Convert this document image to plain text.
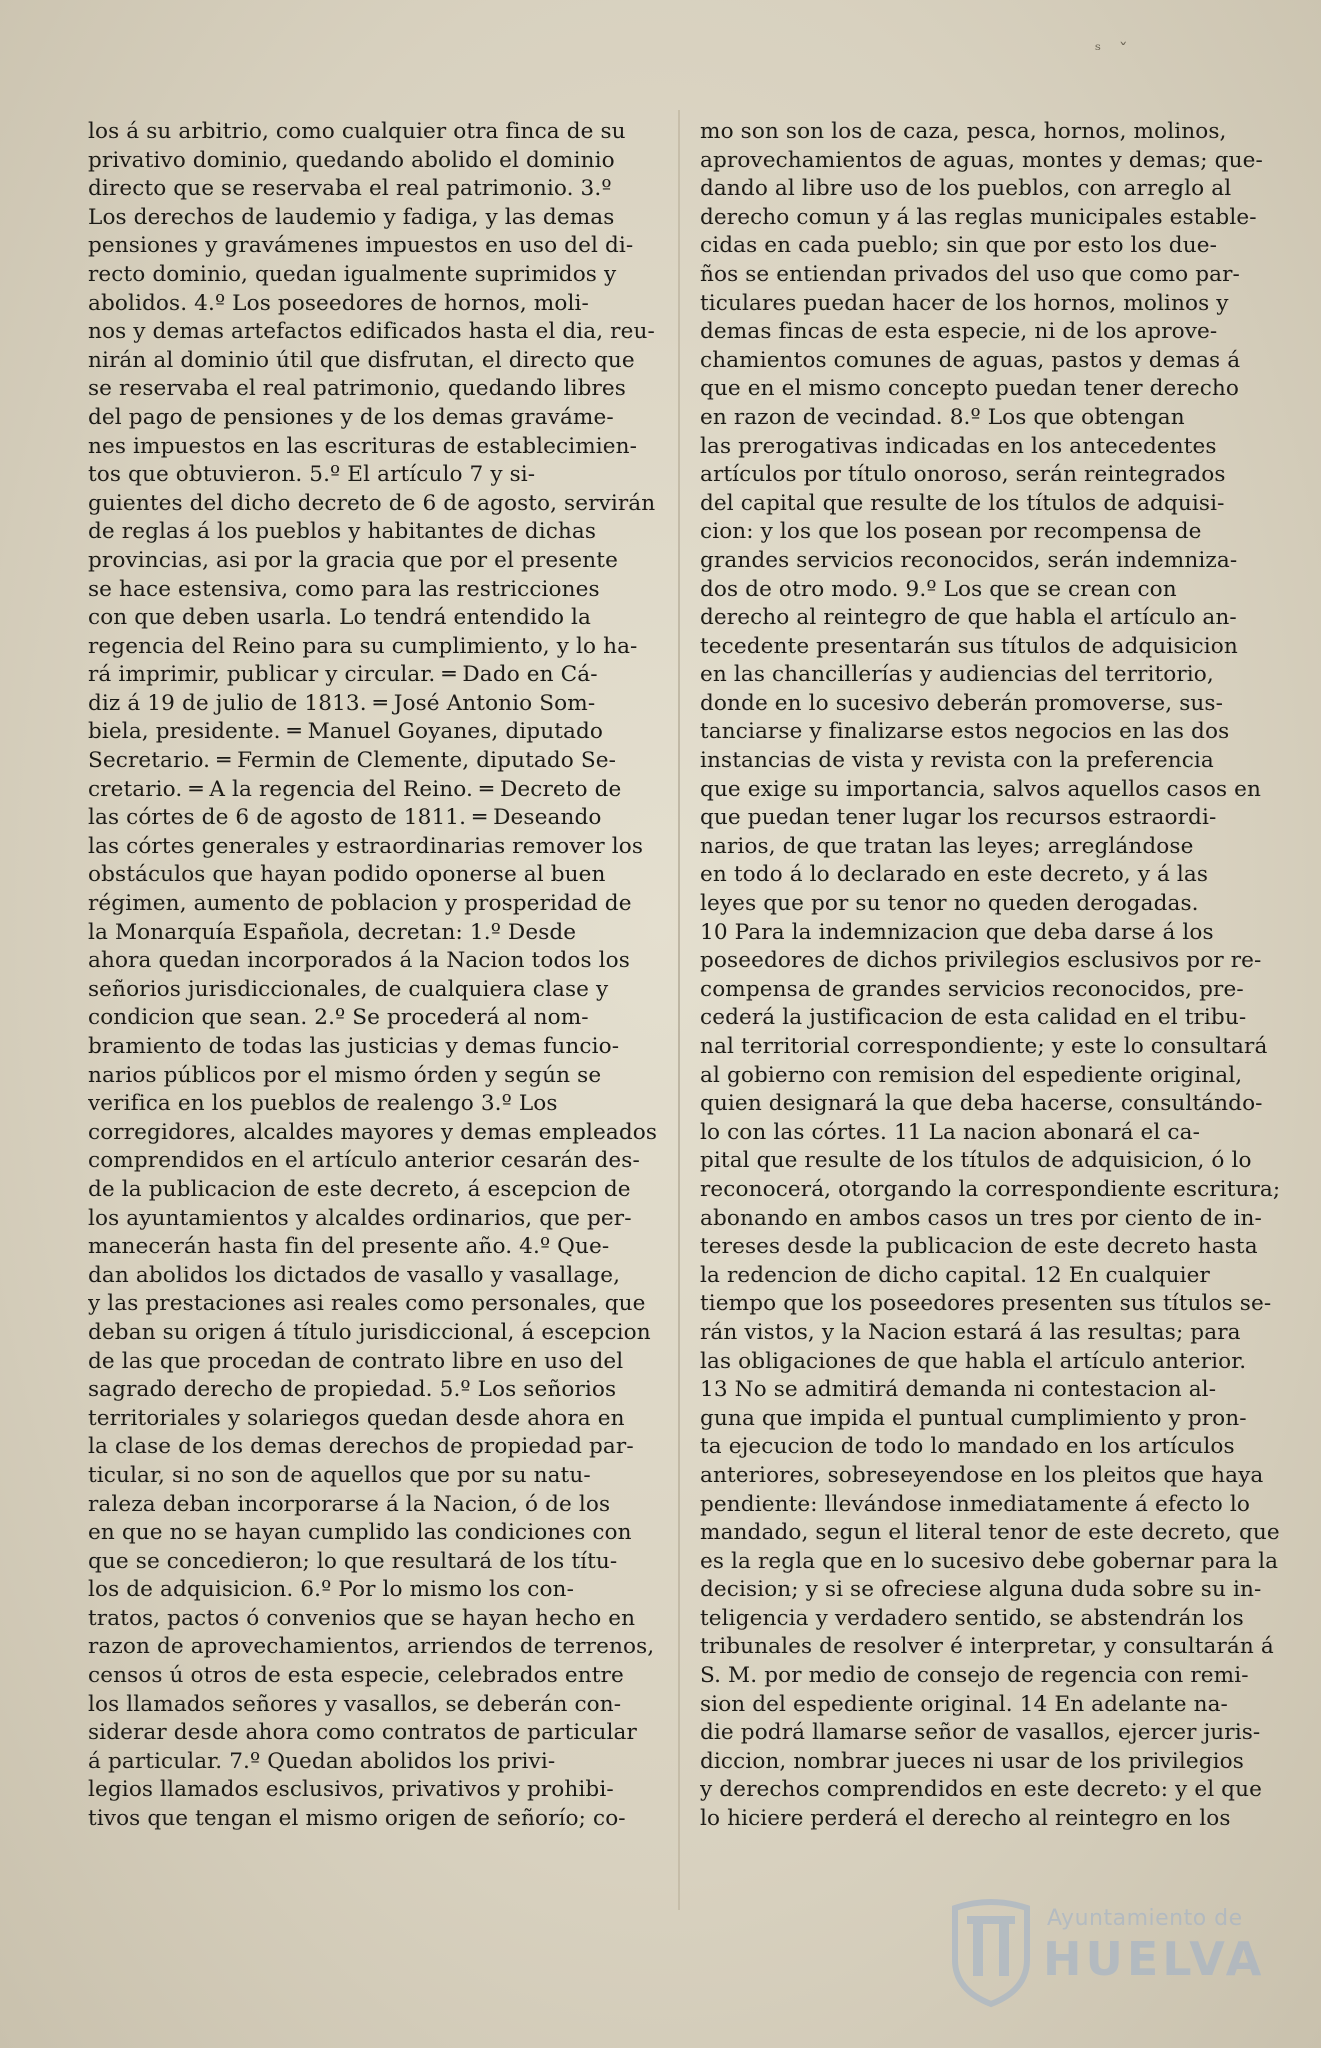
ˢ ˇ
los á su arbitrio, como cualquier otra finca de su
privativo dominio, quedando abolido el dominio
directo que se reservaba el real patrimonio. 3.º
Los derechos de laudemio y fadiga, y las demas
pensiones y gravámenes impuestos en uso del di-
recto dominio, quedan igualmente suprimidos y
abolidos. 4.º Los poseedores de hornos, moli-
nos y demas artefactos edificados hasta el dia, reu-
nirán al dominio útil que disfrutan, el directo que
se reservaba el real patrimonio, quedando libres
del pago de pensiones y de los demas graváme-
nes impuestos en las escrituras de establecimien-
tos que obtuvieron. 5.º El artículo 7 y si-
guientes del dicho decreto de 6 de agosto, servirán
de reglas á los pueblos y habitantes de dichas
provincias, asi por la gracia que por el presente
se hace estensiva, como para las restricciones
con que deben usarla. Lo tendrá entendido la
regencia del Reino para su cumplimiento, y lo ha-
rá imprimir, publicar y circular. ═ Dado en Cá-
diz á 19 de julio de 1813. ═ José Antonio Som-
biela, presidente. ═ Manuel Goyanes, diputado
Secretario. ═ Fermin de Clemente, diputado Se-
cretario. ═ A la regencia del Reino. ═ Decreto de
las córtes de 6 de agosto de 1811. ═ Deseando
las córtes generales y estraordinarias remover los
obstáculos que hayan podido oponerse al buen
régimen, aumento de poblacion y prosperidad de
la Monarquía Española, decretan: 1.º Desde
ahora quedan incorporados á la Nacion todos los
señorios jurisdiccionales, de cualquiera clase y
condicion que sean. 2.º Se procederá al nom-
bramiento de todas las justicias y demas funcio-
narios públicos por el mismo órden y según se
verifica en los pueblos de realengo 3.º Los
corregidores, alcaldes mayores y demas empleados
comprendidos en el artículo anterior cesarán des-
de la publicacion de este decreto, á escepcion de
los ayuntamientos y alcaldes ordinarios, que per-
manecerán hasta fin del presente año. 4.º Que-
dan abolidos los dictados de vasallo y vasallage,
y las prestaciones asi reales como personales, que
deban su origen á título jurisdiccional, á escepcion
de las que procedan de contrato libre en uso del
sagrado derecho de propiedad. 5.º Los señorios
territoriales y solariegos quedan desde ahora en
la clase de los demas derechos de propiedad par-
ticular, si no son de aquellos que por su natu-
raleza deban incorporarse á la Nacion, ó de los
en que no se hayan cumplido las condiciones con
que se concedieron; lo que resultará de los títu-
los de adquisicion. 6.º Por lo mismo los con-
tratos, pactos ó convenios que se hayan hecho en
razon de aprovechamientos, arriendos de terrenos,
censos ú otros de esta especie, celebrados entre
los llamados señores y vasallos, se deberán con-
siderar desde ahora como contratos de particular
á particular. 7.º Quedan abolidos los privi-
legios llamados esclusivos, privativos y prohibi-
tivos que tengan el mismo origen de señorío; co-
mo son son los de caza, pesca, hornos, molinos,
aprovechamientos de aguas, montes y demas; que-
dando al libre uso de los pueblos, con arreglo al
derecho comun y á las reglas municipales estable-
cidas en cada pueblo; sin que por esto los due-
ños se entiendan privados del uso que como par-
ticulares puedan hacer de los hornos, molinos y
demas fincas de esta especie, ni de los aprove-
chamientos comunes de aguas, pastos y demas á
que en el mismo concepto puedan tener derecho
en razon de vecindad. 8.º Los que obtengan
las prerogativas indicadas en los antecedentes
artículos por título onoroso, serán reintegrados
del capital que resulte de los títulos de adquisi-
cion: y los que los posean por recompensa de
grandes servicios reconocidos, serán indemniza-
dos de otro modo. 9.º Los que se crean con
derecho al reintegro de que habla el artículo an-
tecedente presentarán sus títulos de adquisicion
en las chancillerías y audiencias del territorio,
donde en lo sucesivo deberán promoverse, sus-
tanciarse y finalizarse estos negocios en las dos
instancias de vista y revista con la preferencia
que exige su importancia, salvos aquellos casos en
que puedan tener lugar los recursos estraordi-
narios, de que tratan las leyes; arreglándose
en todo á lo declarado en este decreto, y á las
leyes que por su tenor no queden derogadas.
10 Para la indemnizacion que deba darse á los
poseedores de dichos privilegios esclusivos por re-
compensa de grandes servicios reconocidos, pre-
cederá la justificacion de esta calidad en el tribu-
nal territorial correspondiente; y este lo consultará
al gobierno con remision del espediente original,
quien designará la que deba hacerse, consultándo-
lo con las córtes. 11 La nacion abonará el ca-
pital que resulte de los títulos de adquisicion, ó lo
reconocerá, otorgando la correspondiente escritura;
abonando en ambos casos un tres por ciento de in-
tereses desde la publicacion de este decreto hasta
la redencion de dicho capital. 12 En cualquier
tiempo que los poseedores presenten sus títulos se-
rán vistos, y la Nacion estará á las resultas; para
las obligaciones de que habla el artículo anterior.
13 No se admitirá demanda ni contestacion al-
guna que impida el puntual cumplimiento y pron-
ta ejecucion de todo lo mandado en los artículos
anteriores, sobreseyendose en los pleitos que haya
pendiente: llevándose inmediatamente á efecto lo
mandado, segun el literal tenor de este decreto, que
es la regla que en lo sucesivo debe gobernar para la
decision; y si se ofreciese alguna duda sobre su in-
teligencia y verdadero sentido, se abstendrán los
tribunales de resolver é interpretar, y consultarán á
S. M. por medio de consejo de regencia con remi-
sion del espediente original. 14 En adelante na-
die podrá llamarse señor de vasallos, ejercer juris-
diccion, nombrar jueces ni usar de los privilegios
y derechos comprendidos en este decreto: y el que
lo hiciere perderá el derecho al reintegro en los
Ayuntamiento de
HUELVA
